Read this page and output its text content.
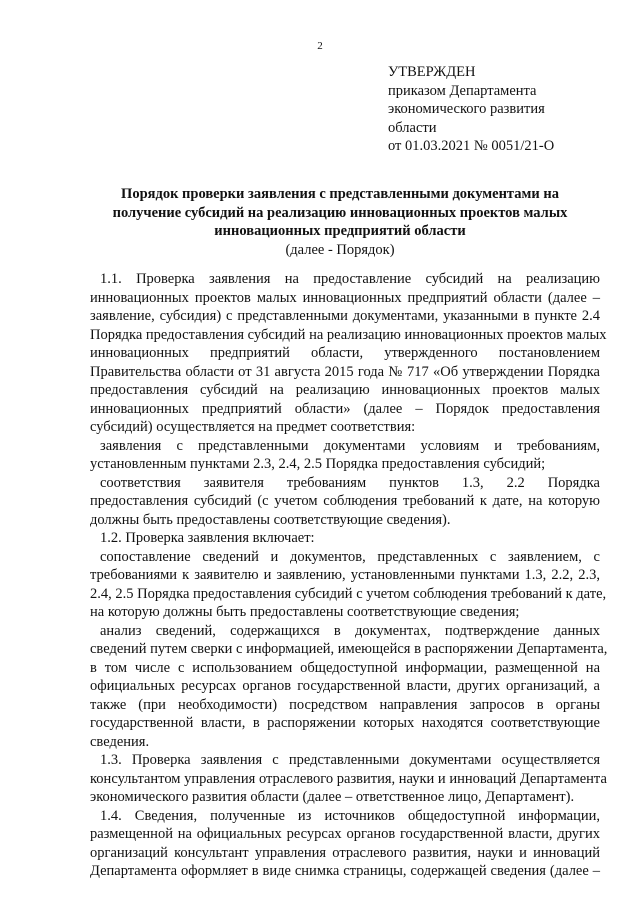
2
УТВЕРЖДЕН
приказом Департамента
экономического развития
области
от 01.03.2021 № 0051/21-О
Порядок проверки заявления с представленными документами на
получение субсидий на реализацию инновационных проектов малых
инновационных предприятий области
(далее - Порядок)
1.1. Проверка заявления на предоставление субсидий на реализацию
инновационных проектов малых инновационных предприятий области (далее –
заявление, субсидия) с представленными документами, указанными в пункте 2.4
Порядка предоставления субсидий на реализацию инновационных проектов малых
инновационных предприятий области, утвержденного постановлением
Правительства области от 31 августа 2015 года № 717 «Об утверждении Порядка
предоставления субсидий на реализацию инновационных проектов малых
инновационных предприятий области» (далее – Порядок предоставления
субсидий) осуществляется на предмет соответствия:
заявления с представленными документами условиям и требованиям,
установленным пунктами 2.3, 2.4, 2.5 Порядка предоставления субсидий;
соответствия заявителя требованиям пунктов 1.3, 2.2 Порядка
предоставления субсидий (с учетом соблюдения требований к дате, на которую
должны быть предоставлены соответствующие сведения).
1.2. Проверка заявления включает:
сопоставление сведений и документов, представленных с заявлением, с
требованиями к заявителю и заявлению, установленными пунктами 1.3, 2.2, 2.3,
2.4, 2.5 Порядка предоставления субсидий с учетом соблюдения требований к дате,
на которую должны быть предоставлены соответствующие сведения;
анализ сведений, содержащихся в документах, подтверждение данных
сведений путем сверки с информацией, имеющейся в распоряжении Департамента,
в том числе с использованием общедоступной информации, размещенной на
официальных ресурсах органов государственной власти, других организаций, а
также (при необходимости) посредством направления запросов в органы
государственной власти, в распоряжении которых находятся соответствующие
сведения.
1.3. Проверка заявления с представленными документами осуществляется
консультантом управления отраслевого развития, науки и инноваций Департамента
экономического развития области (далее – ответственное лицо, Департамент).
1.4. Сведения, полученные из источников общедоступной информации,
размещенной на официальных ресурсах органов государственной власти, других
организаций консультант управления отраслевого развития, науки и инноваций
Департамента оформляет в виде снимка страницы, содержащей сведения (далее –
